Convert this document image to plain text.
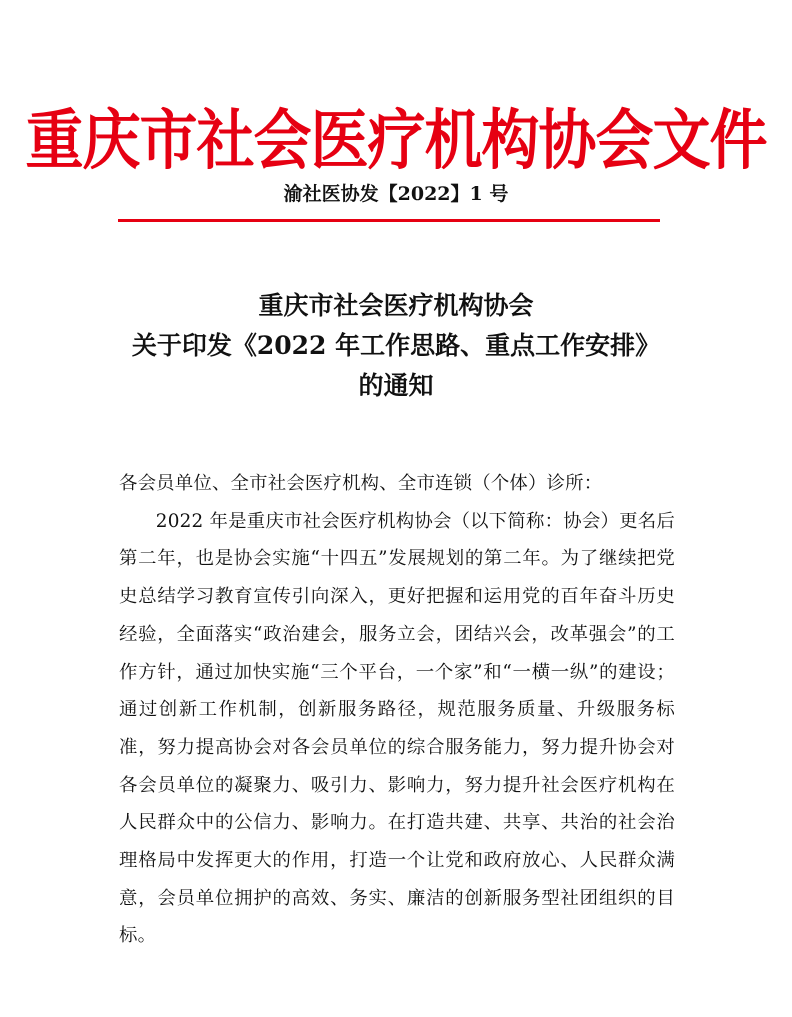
重庆市社会医疗机构协会文件
渝社医协发【2022】1 号
重庆市社会医疗机构协会
关于印发《2022 年工作思路、重点工作安排》
的通知
各会员单位、全市社会医疗机构、全市连锁（个体）诊所：

2022 年是重庆市社会医疗机构协会（以下简称：协会）更名后第二年，也是协会实施“十四五”发展规划的第二年。为了继续把党史总结学习教育宣传引向深入，更好把握和运用党的百年奋斗历史经验，全面落实“政治建会，服务立会，团结兴会，改革强会”的工作方针，通过加快实施“三个平台，一个家”和“一横一纵”的建设；通过创新工作机制，创新服务路径，规范服务质量、升级服务标准，努力提高协会对各会员单位的综合服务能力，努力提升协会对各会员单位的凝聚力、吸引力、影响力，努力提升社会医疗机构在人民群众中的公信力、影响力。在打造共建、共享、共治的社会治理格局中发挥更大的作用，打造一个让党和政府放心、人民群众满意，会员单位拥护的高效、务实、廉洁的创新服务型社团组织的目标。
